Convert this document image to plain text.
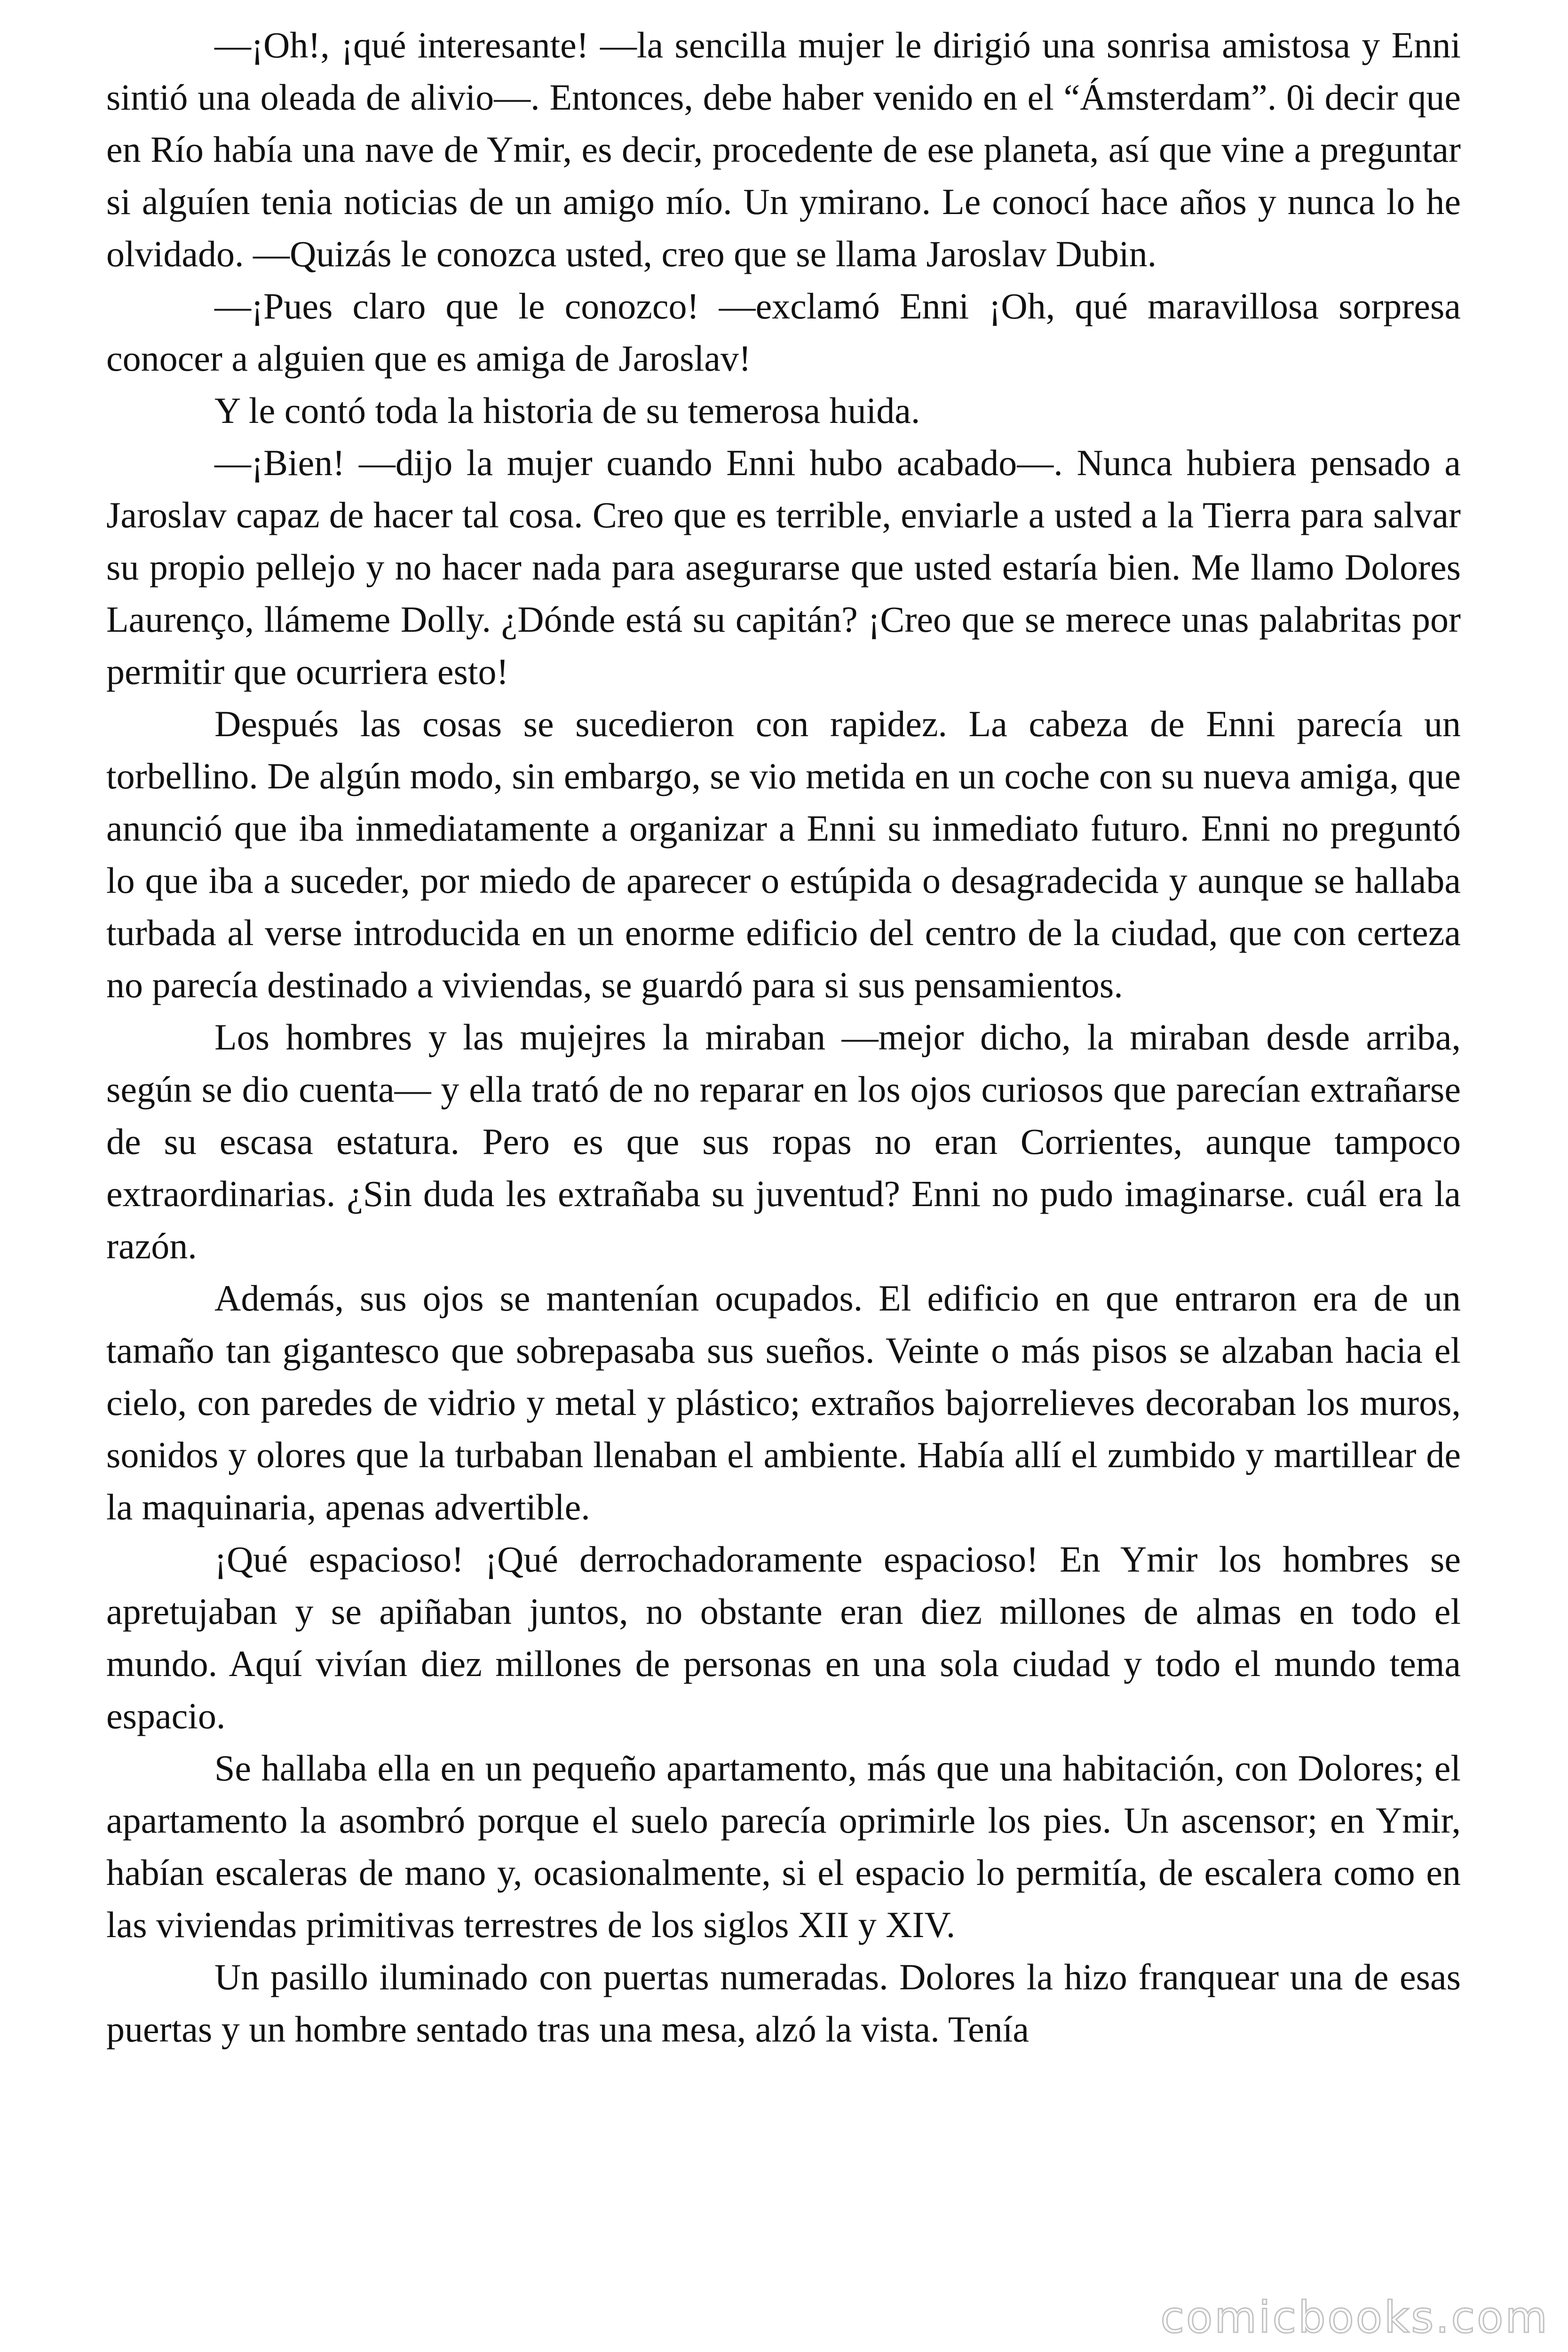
—¡Oh!, ¡qué interesante! —la sencilla mujer le dirigió una sonrisa amistosa y Enni sintió una oleada de alivio—. Entonces, debe haber venido en el “Ámsterdam”. 0i decir que en Río había una nave de Ymir, es decir, procedente de ese planeta, así que vine a preguntar si alguíen tenia noticias de un amigo mío. Un ymirano. Le conocí hace años y nunca lo he olvidado. —Quizás le conozca usted, creo que se llama Jaroslav Dubin.

—¡Pues claro que le conozco! —exclamó Enni ¡Oh, qué maravillosa sorpresa conocer a alguien que es amiga de Jaroslav!

Y le contó toda la historia de su temerosa huida.

—¡Bien! —dijo la mujer cuando Enni hubo acabado—. Nunca hubiera pensado a Jaroslav capaz de hacer tal cosa. Creo que es terrible, enviarle a usted a la Tierra para salvar su propio pellejo y no hacer nada para asegurarse que usted estaría bien. Me llamo Dolores Laurenço, llámeme Dolly. ¿Dónde está su capitán? ¡Creo que se merece unas palabritas por permitir que ocurriera esto!

Después las cosas se sucedieron con rapidez. La cabeza de Enni parecía un torbellino. De algún modo, sin embargo, se vio metida en un coche con su nueva amiga, que anunció que iba inmediatamente a organizar a Enni su inmediato futuro. Enni no preguntó lo que iba a suceder, por miedo de aparecer o estúpida o desagradecida y aunque se hallaba turbada al verse introducida en un enorme edificio del centro de la ciudad, que con certeza no parecía destinado a viviendas, se guardó para si sus pensamientos.

Los hombres y las mujejres la miraban —mejor dicho, la miraban desde arriba, según se dio cuenta— y ella trató de no reparar en los ojos curiosos que parecían extrañarse de su escasa estatura. Pero es que sus ropas no eran Corrientes, aunque tampoco extraordinarias. ¿Sin duda les extrañaba su juventud? Enni no pudo imaginarse. cuál era la razón.

Además, sus ojos se mantenían ocupados. El edificio en que entraron era de un tamaño tan gigantesco que sobrepasaba sus sueños. Veinte o más pisos se alzaban hacia el cielo, con paredes de vidrio y metal y plástico; extraños bajorrelieves decoraban los muros, sonidos y olores que la turbaban llenaban el ambiente. Había allí el zumbido y martillear de la maquinaria, apenas advertible.

¡Qué espacioso! ¡Qué derrochadoramente espacioso! En Ymir los hombres se apretujaban y se apiñaban juntos, no obstante eran diez millones de almas en todo el mundo. Aquí vivían diez millones de personas en una sola ciudad y todo el mundo tema espacio.

Se hallaba ella en un pequeño apartamento, más que una habitación, con Dolores; el apartamento la asombró porque el suelo parecía oprimirle los pies. Un ascensor; en Ymir, habían escaleras de mano y, ocasionalmente, si el espacio lo permitía, de escalera como en las viviendas primitivas terrestres de los siglos XII y XIV.

Un pasillo iluminado con puertas numeradas. Dolores la hizo franquear una de esas puertas y un hombre sentado tras una mesa, alzó la vista. Tenía

comicbooks.com
